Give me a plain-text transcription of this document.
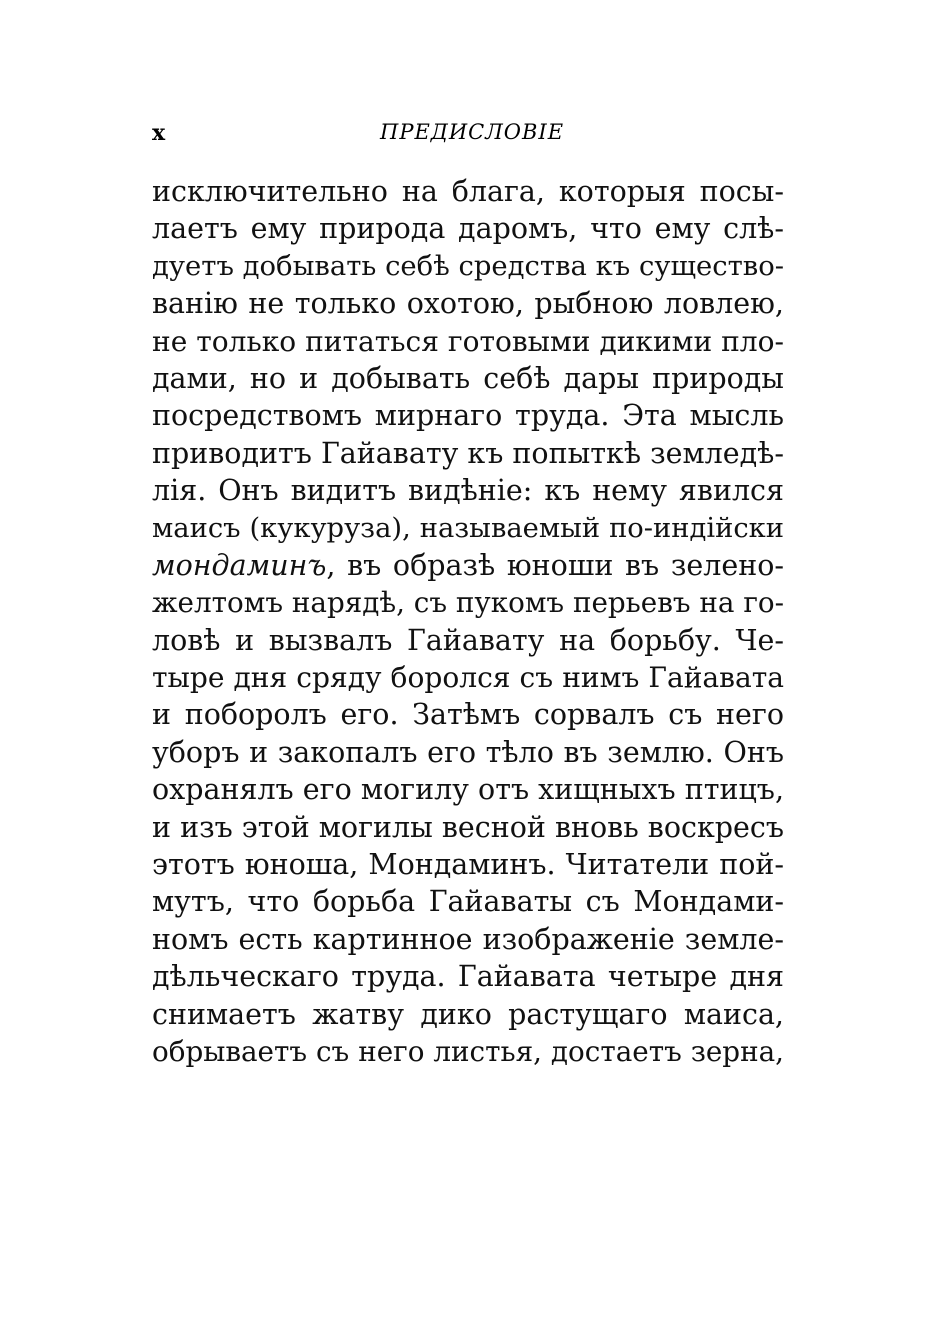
x	ПРЕДИСЛОВІЕ
исключительно на блага, которыя посы-
лаетъ ему природа даромъ, что ему слѣ-
дуетъ добывать себѣ средства къ существо-
ванію не только охотою, рыбною ловлею,
не только питаться готовыми дикими пло-
дами, но и добывать себѣ дары природы
посредствомъ мирнаго труда. Эта мысль
приводитъ Гайавату къ попыткѣ земледѣ-
лія. Онъ видитъ видѣніе: къ нему явился
маисъ (кукуруза), называемый по-индійски
мондаминъ, въ образѣ юноши въ зелено-
желтомъ нарядѣ, съ пукомъ перьевъ на го-
ловѣ и вызвалъ Гайавату на борьбу. Че-
тыре дня сряду боролся съ нимъ Гайавата
и поборолъ его. Затѣмъ сорвалъ съ него
уборъ и закопалъ его тѣло въ землю. Онъ
охранялъ его могилу отъ хищныхъ птицъ,
и изъ этой могилы весной вновь воскресъ
этотъ юноша, Мондаминъ. Читатели пой-
мутъ, что борьба Гайаваты съ Мондами-
номъ есть картинное изображеніе земле-
дѣльческаго труда. Гайавата четыре дня
снимаетъ жатву дико растущаго маиса,
обрываетъ съ него листья, достаетъ зерна,
